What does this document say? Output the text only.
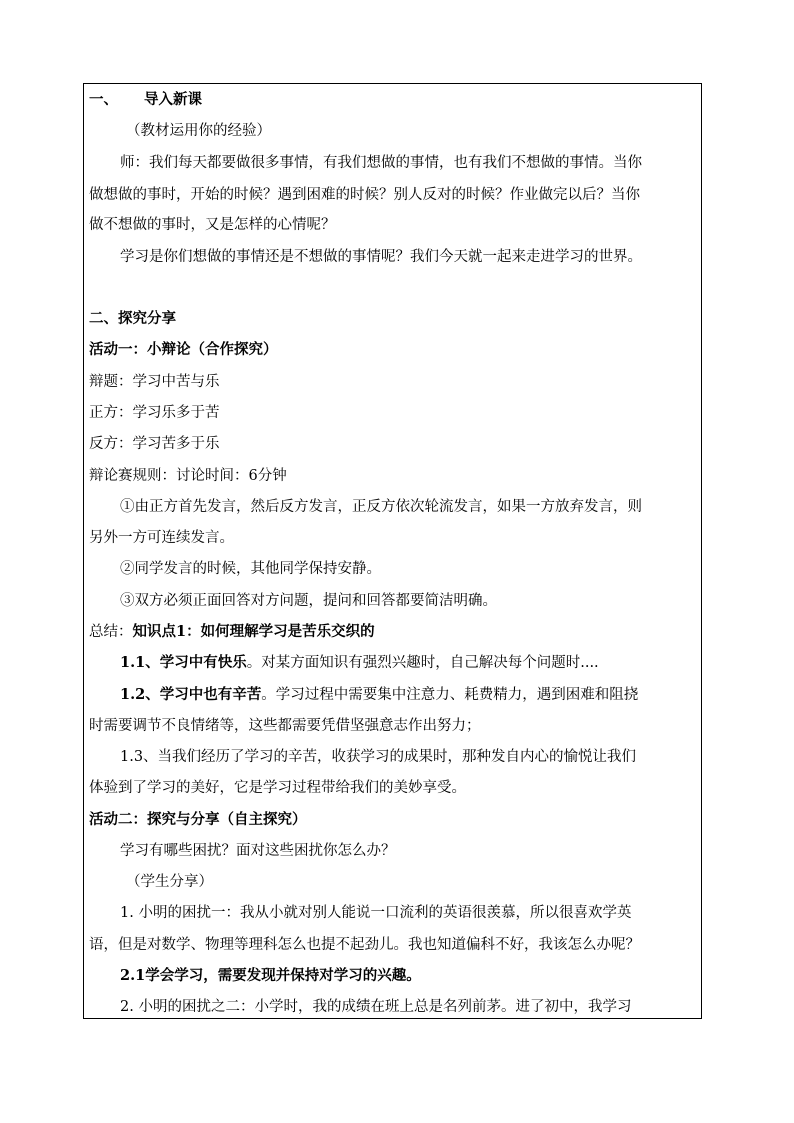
一、 导入新课
（教材运用你的经验）
师：我们每天都要做很多事情，有我们想做的事情，也有我们不想做的事情。当你
做想做的事时，开始的时候？遇到困难的时候？别人反对的时候？作业做完以后？当你
做不想做的事时，又是怎样的心情呢？
学习是你们想做的事情还是不想做的事情呢？我们今天就一起来走进学习的世界。
二、探究分享
活动一：小辩论（合作探究）
辩题：学习中苦与乐
正方：学习乐多于苦
反方：学习苦多于乐
辩论赛规则：讨论时间：6分钟
①由正方首先发言，然后反方发言，正反方依次轮流发言，如果一方放弃发言，则
另外一方可连续发言。
②同学发言的时候，其他同学保持安静。
③双方必须正面回答对方问题，提问和回答都要简洁明确。
总结：知识点1：如何理解学习是苦乐交织的
1.1、学习中有快乐。对某方面知识有强烈兴趣时，自己解决每个问题时....
1.2、学习中也有辛苦。学习过程中需要集中注意力、耗费精力，遇到困难和阻挠
时需要调节不良情绪等，这些都需要凭借坚强意志作出努力；
1.3、当我们经历了学习的辛苦，收获学习的成果时，那种发自内心的愉悦让我们
体验到了学习的美好，它是学习过程带给我们的美妙享受。
活动二：探究与分享（自主探究）
学习有哪些困扰？面对这些困扰你怎么办？
（学生分享）
1. 小明的困扰一：我从小就对别人能说一口流利的英语很羡慕，所以很喜欢学英
语，但是对数学、物理等理科怎么也提不起劲儿。我也知道偏科不好，我该怎么办呢？
2.1学会学习，需要发现并保持对学习的兴趣。
2. 小明的困扰之二：小学时，我的成绩在班上总是名列前茅。进了初中，我学习
